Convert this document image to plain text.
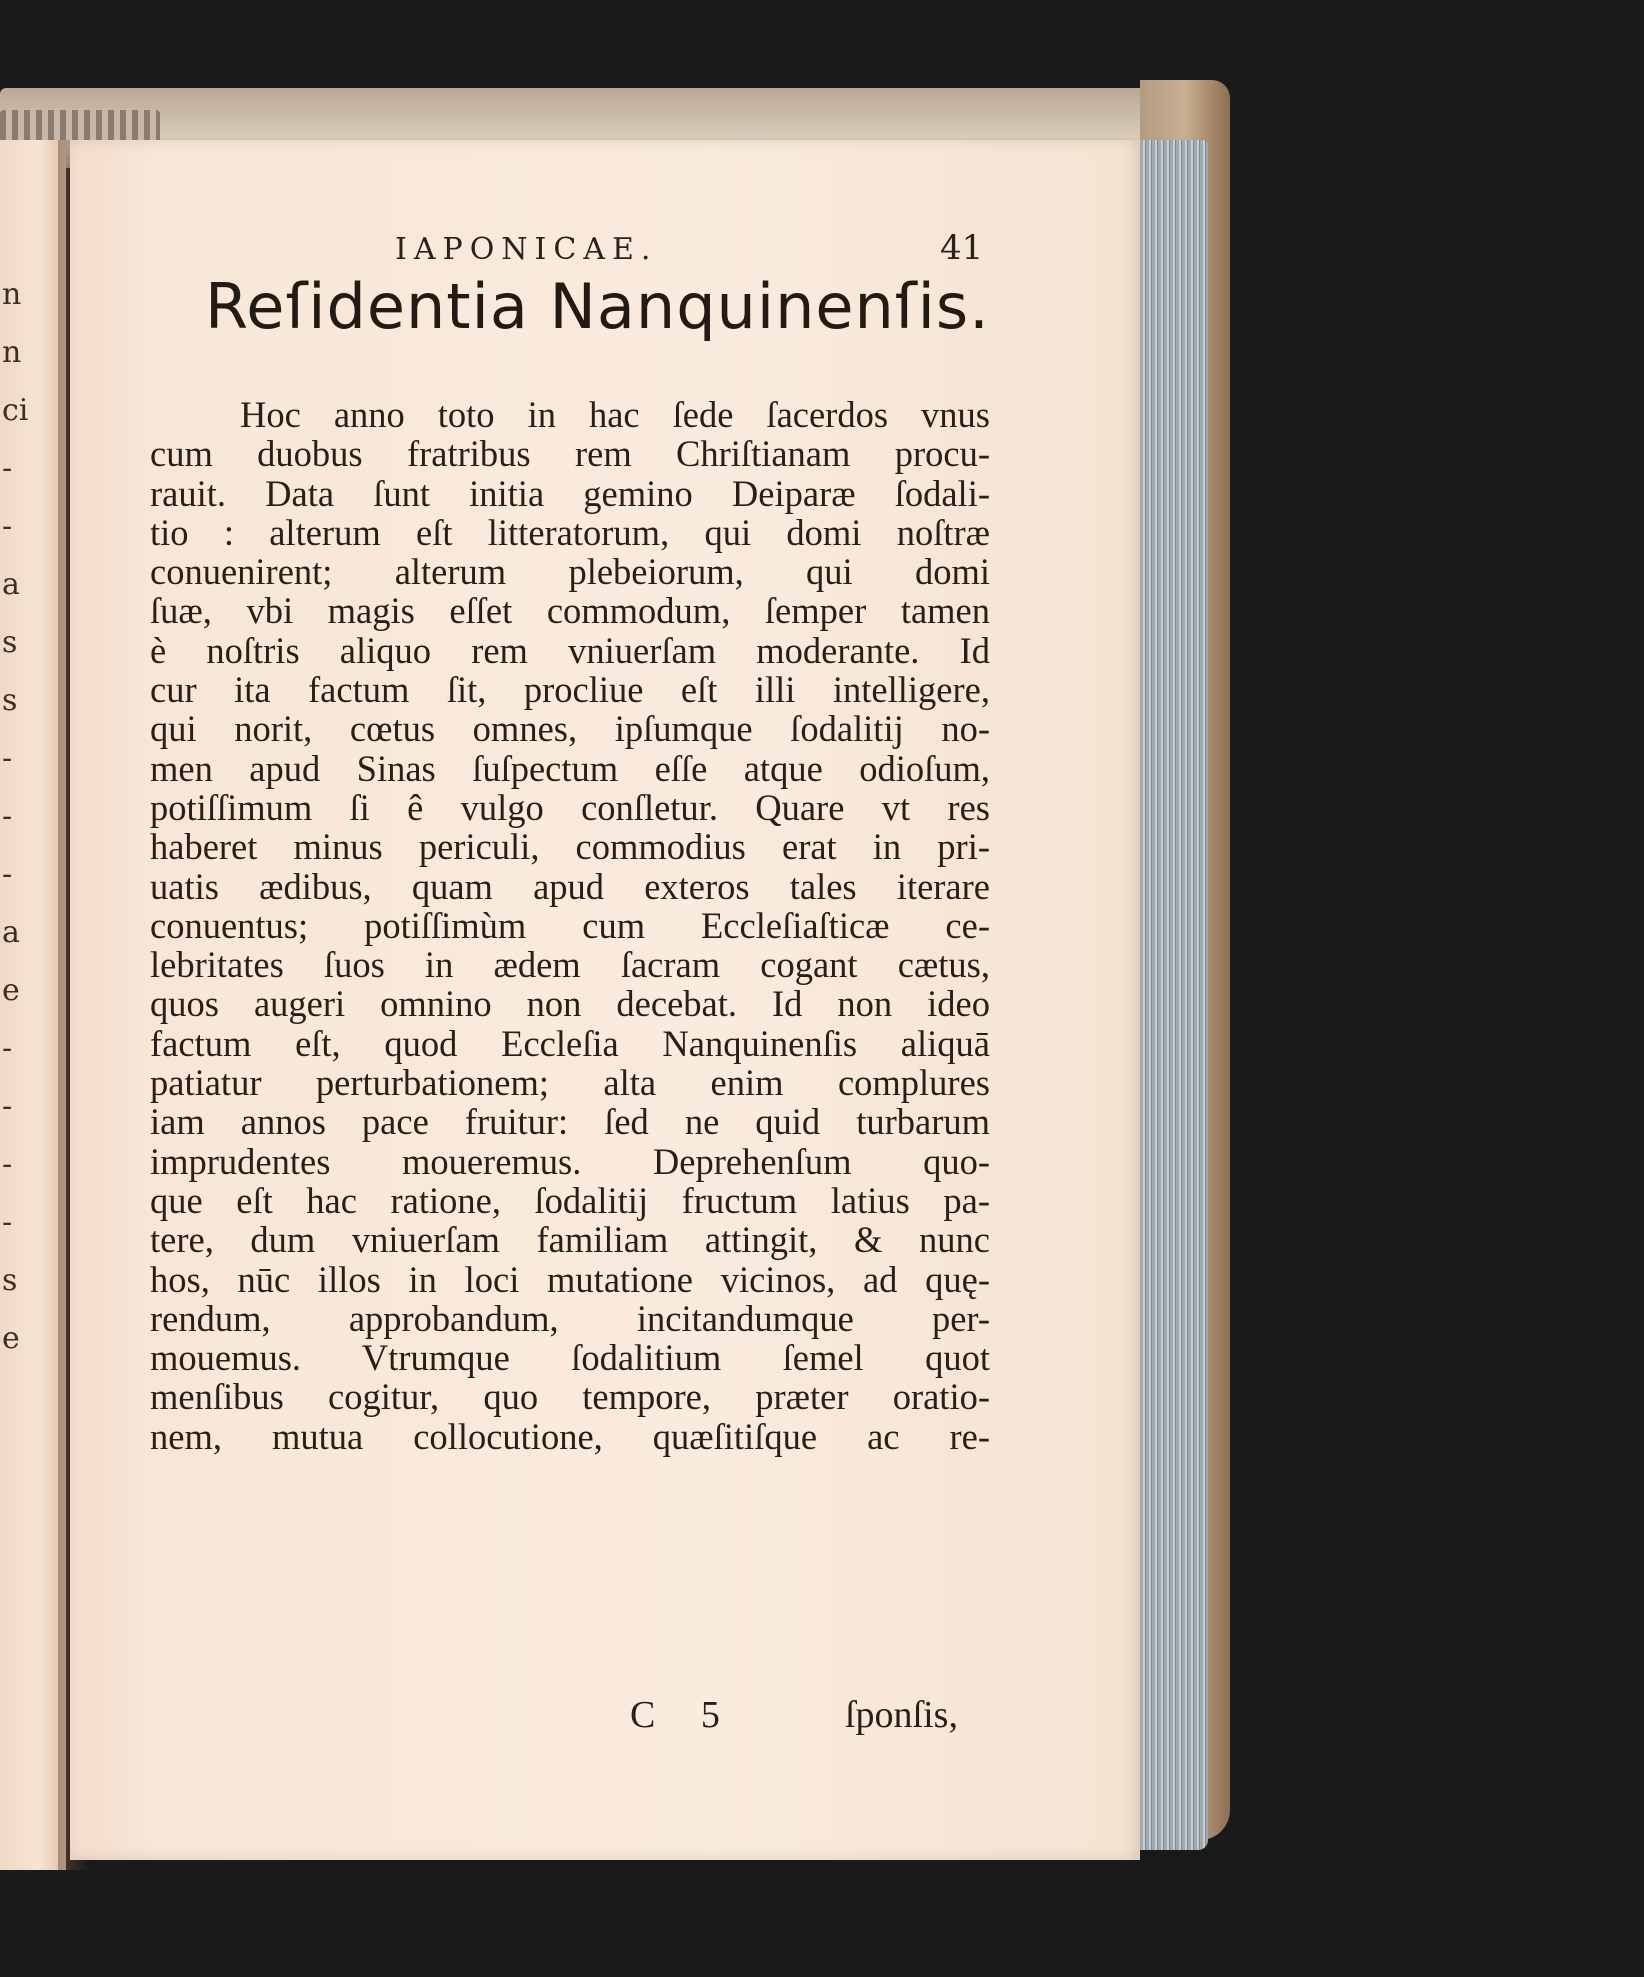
n
n
ci
-
-
a
s
s
-
-
-
a
e
-
-
-
-
s
e
IAPONICAE.	41
Reſidentia Nanquinenſis.
Hoc anno toto in hac ſede ſacerdos vnus
cum duobus fratribus rem Chriſtianam procu-
rauit. Data ſunt initia gemino Deiparæ ſodali-
tio : alterum eſt litteratorum, qui domi noſtræ
conuenirent; alterum plebeiorum, qui domi
ſuæ, vbi magis eſſet commodum, ſemper tamen
è noſtris aliquo rem vniuerſam moderante. Id
cur ita factum ſit, procliue eſt illi intelligere,
qui norit, cœtus omnes, ipſumque ſodalitij no-
men apud Sinas ſuſpectum eſſe atque odioſum,
potiſſimum ſi ê vulgo conſletur. Quare vt res
haberet minus periculi, commodius erat in pri-
uatis ædibus, quam apud exteros tales iterare
conuentus; potiſſimùm cum Eccleſiaſticæ ce-
lebritates ſuos in ædem ſacram cogant cætus,
quos augeri omnino non decebat. Id non ideo
factum eſt, quod Eccleſia Nanquinenſis aliquā
patiatur perturbationem; alta enim complures
iam annos pace fruitur: ſed ne quid turbarum
imprudentes moueremus. Deprehenſum quo-
que eſt hac ratione, ſodalitij fructum latius pa-
tere, dum vniuerſam familiam attingit, & nunc
hos, nūc illos in loci mutatione vicinos, ad quę-
rendum, approbandum, incitandumque per-
mouemus. Vtrumque ſodalitium ſemel quot
menſibus cogitur, quo tempore, præter oratio-
nem, mutua collocutione, quæſitiſque ac re-
C 5	ſponſis,
